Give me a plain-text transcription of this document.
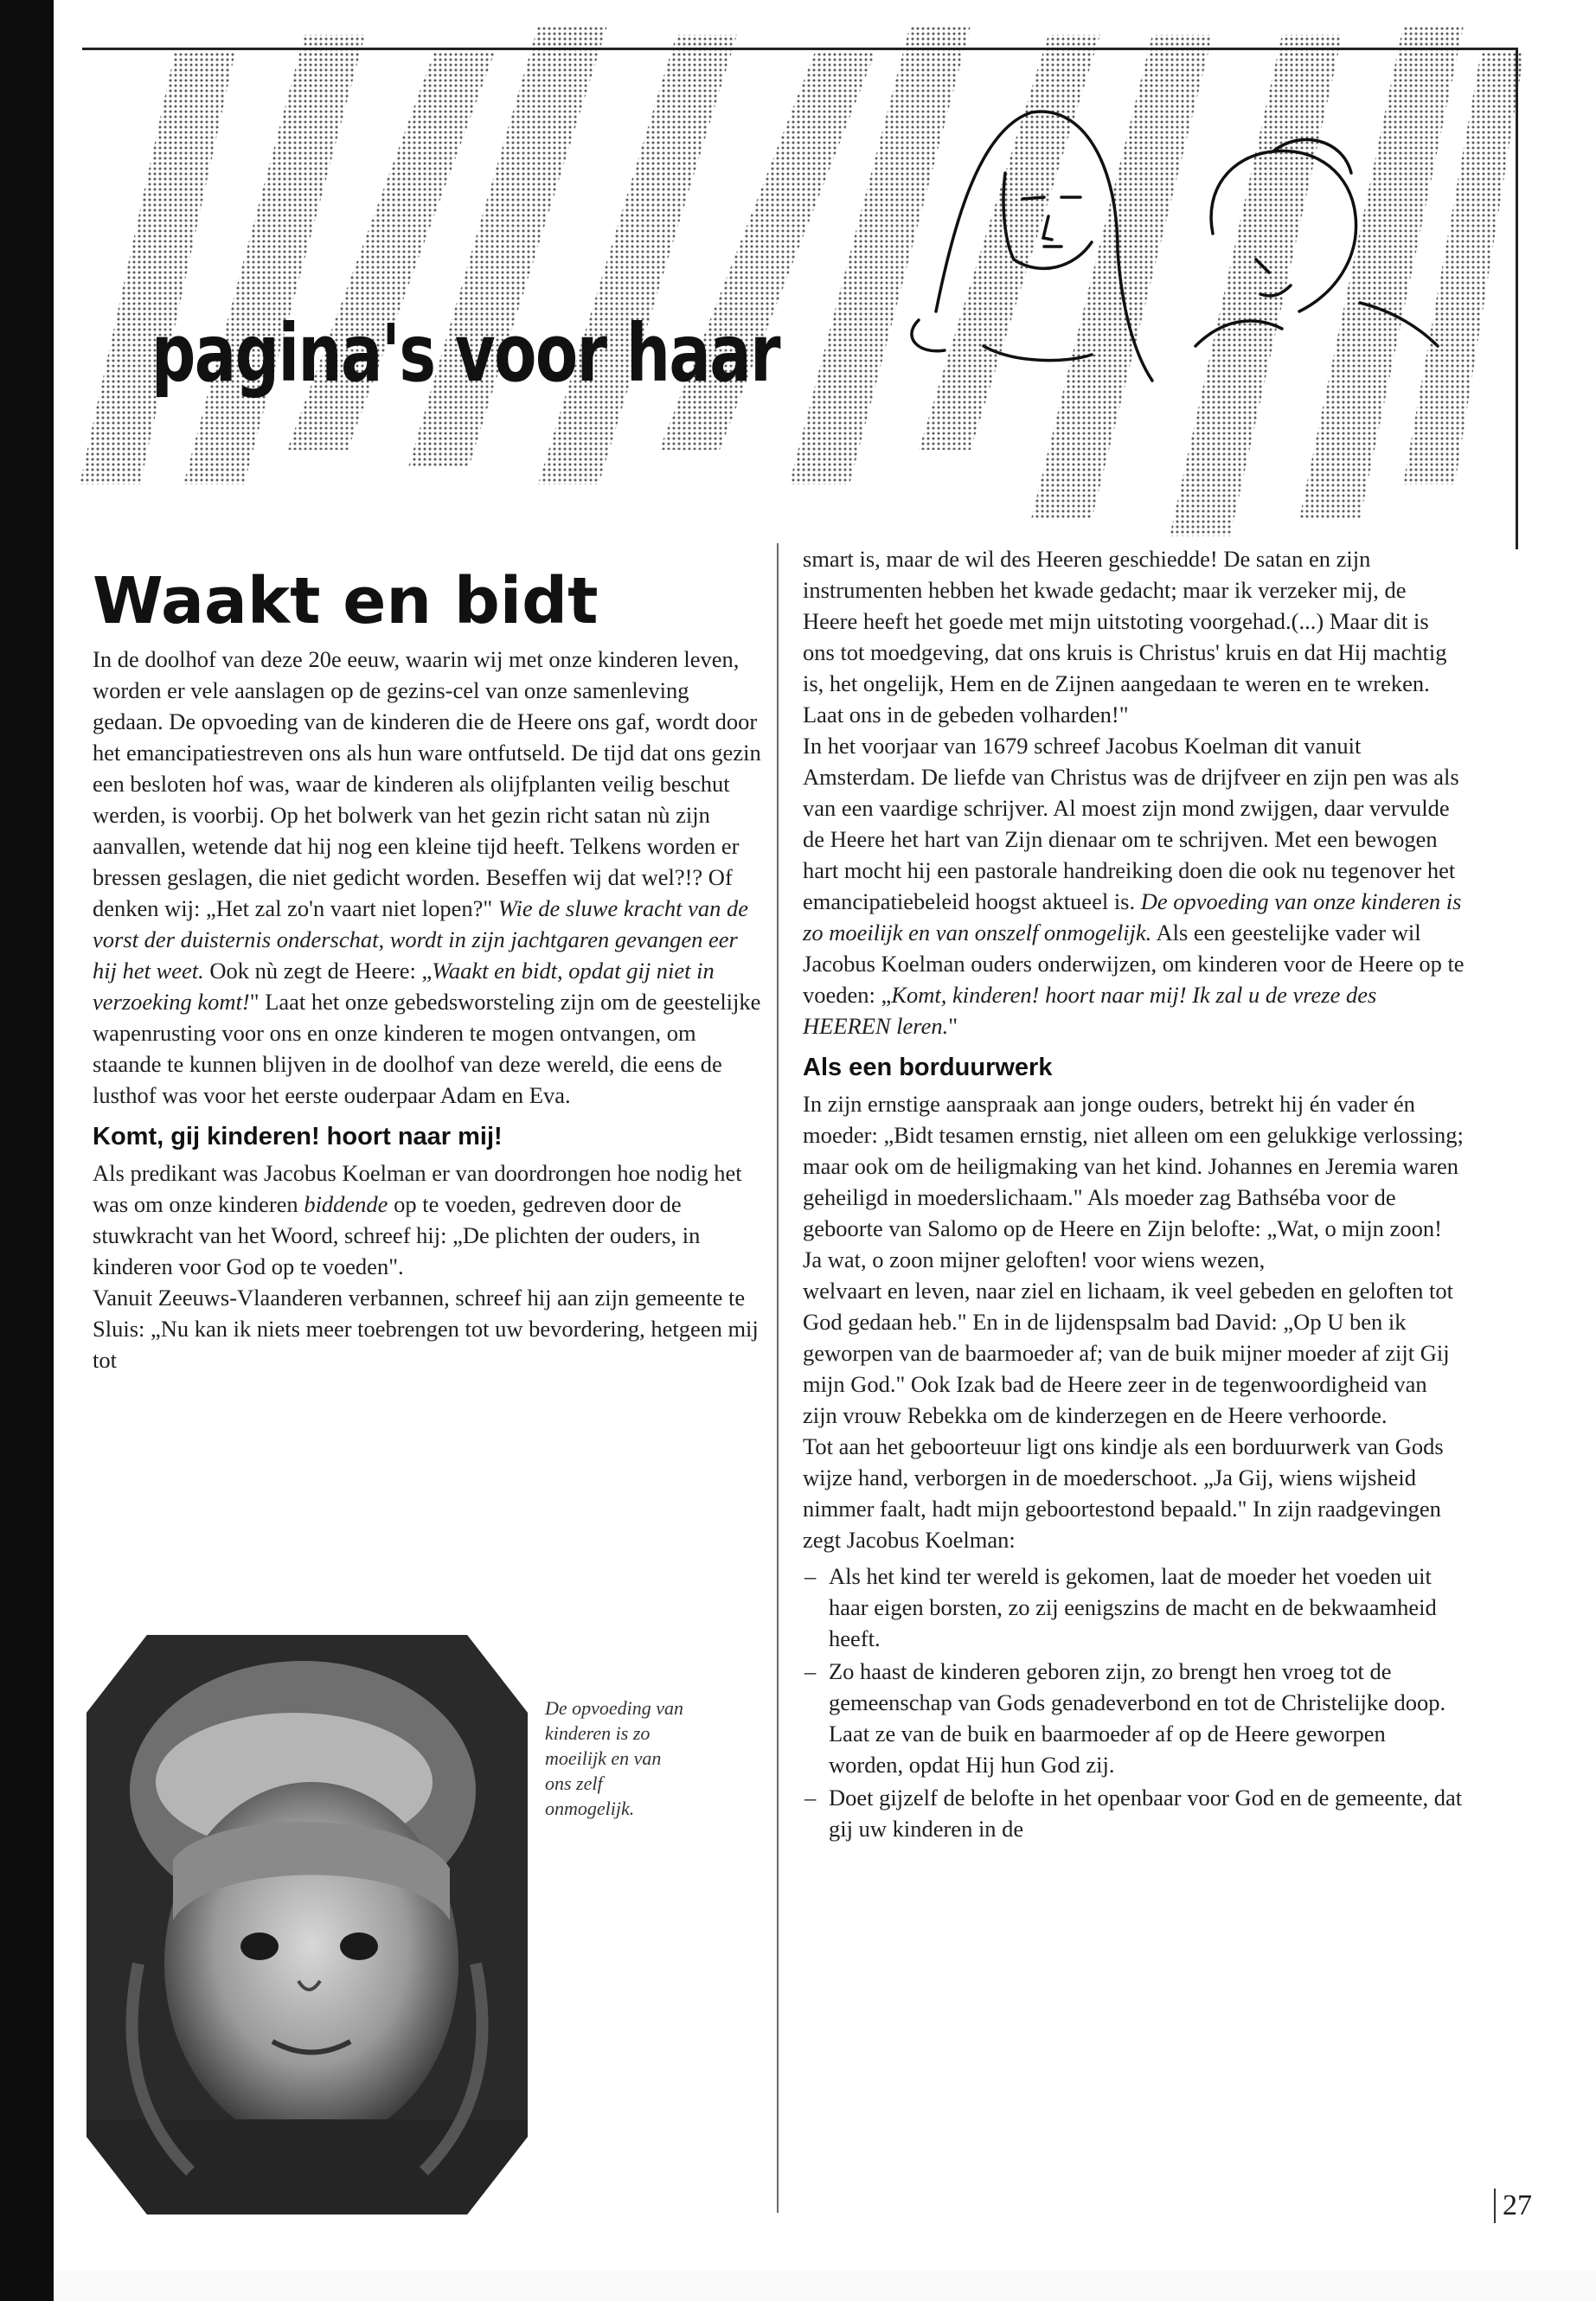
pagina's voor haar
Waakt en bidt

In de doolhof van deze 20e eeuw, waarin wij met onze kinderen leven, worden er vele aanslagen op de gezins-cel van onze samenleving gedaan. De opvoeding van de kinderen die de Heere ons gaf, wordt door het emancipatiestreven ons als hun ware ontfutseld. De tijd dat ons gezin een besloten hof was, waar de kinderen als olijfplanten veilig beschut werden, is voorbij. Op het bolwerk van het gezin richt satan nù zijn aanvallen, wetende dat hij nog een kleine tijd heeft. Telkens worden er bressen geslagen, die niet gedicht worden. Beseffen wij dat wel?!? Of denken wij: „Het zal zo'n vaart niet lopen?" Wie de sluwe kracht van de vorst der duisternis onderschat, wordt in zijn jachtgaren gevangen eer hij het weet. Ook nù zegt de Heere: „Waakt en bidt, opdat gij niet in verzoeking komt!" Laat het onze gebedsworsteling zijn om de geestelijke wapenrusting voor ons en onze kinderen te mogen ontvangen, om staande te kunnen blijven in de doolhof van deze wereld, die eens de lusthof was voor het eerste ouderpaar Adam en Eva.

Komt, gij kinderen! hoort naar mij!

Als predikant was Jacobus Koelman er van doordrongen hoe nodig het was om onze kinderen biddende op te voeden, gedreven door de stuwkracht van het Woord, schreef hij: „De plichten der ouders, in kinderen voor God op te voeden".

Vanuit Zeeuws-Vlaanderen verbannen, schreef hij aan zijn gemeente te Sluis: „Nu kan ik niets meer toebrengen tot uw bevordering, hetgeen mij tot

De opvoeding van kinderen is zo moeilijk en van ons zelf onmogelijk.

smart is, maar de wil des Heeren geschiedde! De satan en zijn instrumenten hebben het kwade gedacht; maar ik verzeker mij, de Heere heeft het goede met mijn uitstoting voorgehad.(...) Maar dit is ons tot moedgeving, dat ons kruis is Christus' kruis en dat Hij machtig is, het ongelijk, Hem en de Zijnen aangedaan te weren en te wreken. Laat ons in de gebeden volharden!"

In het voorjaar van 1679 schreef Jacobus Koelman dit vanuit Amsterdam. De liefde van Christus was de drijfveer en zijn pen was als van een vaardige schrijver. Al moest zijn mond zwijgen, daar vervulde de Heere het hart van Zijn dienaar om te schrijven. Met een bewogen hart mocht hij een pastorale handreiking doen die ook nu tegenover het emancipatiebeleid hoogst aktueel is. De opvoeding van onze kinderen is zo moeilijk en van onszelf onmogelijk. Als een geestelijke vader wil Jacobus Koelman ouders onderwijzen, om kinderen voor de Heere op te voeden: „Komt, kinderen! hoort naar mij! Ik zal u de vreze des HEEREN leren."

Als een borduurwerk

In zijn ernstige aanspraak aan jonge ouders, betrekt hij én vader én moeder: „Bidt tesamen ernstig, niet alleen om een gelukkige verlossing; maar ook om de heiligmaking van het kind. Johannes en Jeremia waren geheiligd in moederslichaam." Als moeder zag Bathséba voor de geboorte van Salomo op de Heere en Zijn belofte: „Wat, o mijn zoon! Ja wat, o zoon mijner geloften! voor wiens wezen,

welvaart en leven, naar ziel en lichaam, ik veel gebeden en geloften tot God gedaan heb." En in de lijdenspsalm bad David: „Op U ben ik geworpen van de baarmoeder af; van de buik mijner moeder af zijt Gij mijn God." Ook Izak bad de Heere zeer in de tegenwoordigheid van zijn vrouw Rebekka om de kinderzegen en de Heere verhoorde.

Tot aan het geboorteuur ligt ons kindje als een borduurwerk van Gods wijze hand, verborgen in de moederschoot. „Ja Gij, wiens wijsheid nimmer faalt, hadt mijn geboortestond bepaald." In zijn raadgevingen zegt Jacobus Koelman:

– Als het kind ter wereld is gekomen, laat de moeder het voeden uit haar eigen borsten, zo zij eenigszins de macht en de bekwaamheid heeft.
– Zo haast de kinderen geboren zijn, zo brengt hen vroeg tot de gemeenschap van Gods genadeverbond en tot de Christelijke doop. Laat ze van de buik en baarmoeder af op de Heere geworpen worden, opdat Hij hun God zij.
– Doet gijzelf de belofte in het openbaar voor God en de gemeente, dat gij uw kinderen in de
27
